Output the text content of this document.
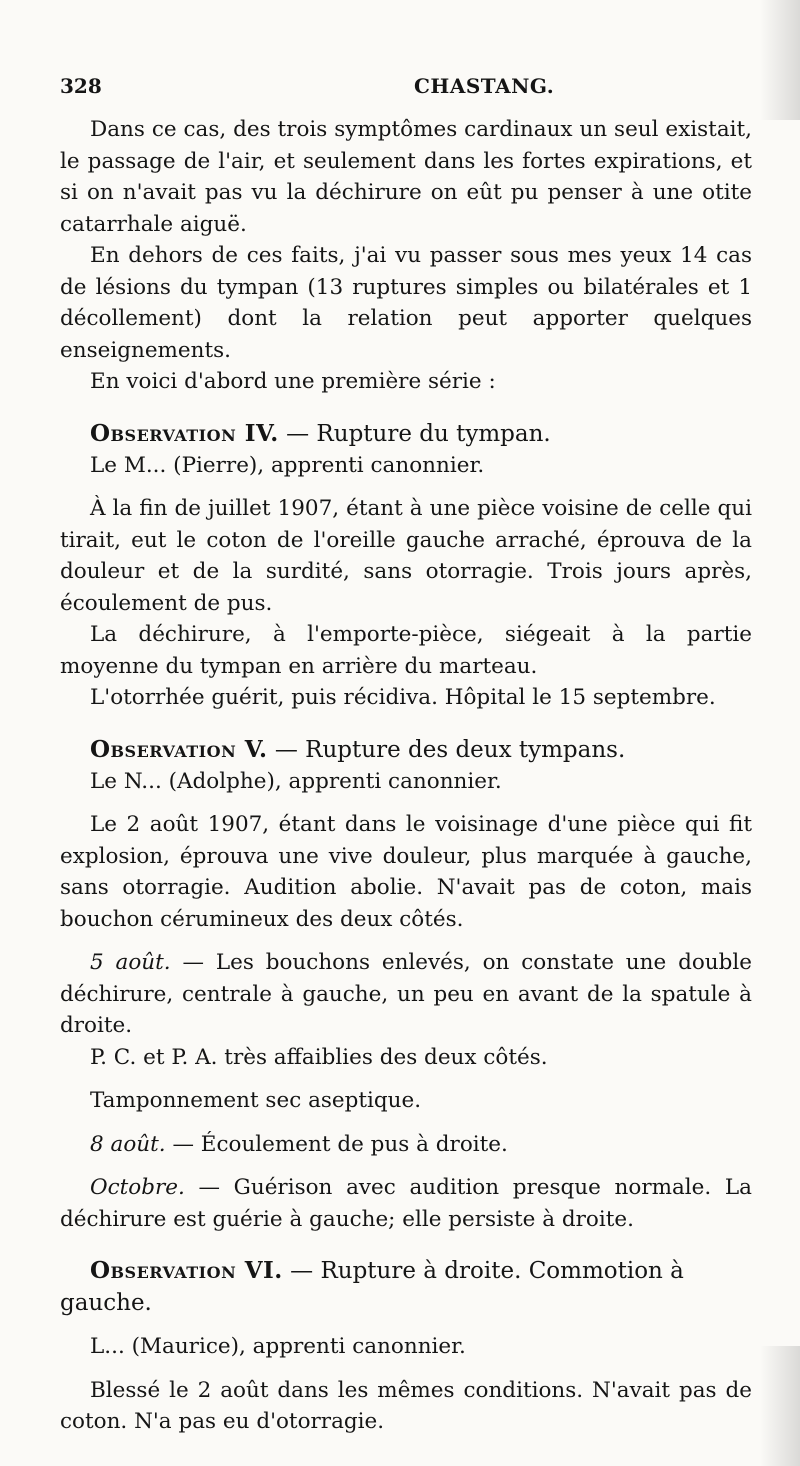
328	CHASTANG.

Dans ce cas, des trois symptômes cardinaux un seul existait, le passage de l'air, et seulement dans les fortes expirations, et si on n'avait pas vu la déchirure on eût pu penser à une otite catarrhale aiguë.

En dehors de ces faits, j'ai vu passer sous mes yeux 14 cas de lésions du tympan (13 ruptures simples ou bilatérales et 1 décollement) dont la relation peut apporter quelques enseignements.

En voici d'abord une première série :

Observation IV. — Rupture du tympan.

Le M... (Pierre), apprenti canonnier.

À la fin de juillet 1907, étant à une pièce voisine de celle qui tirait, eut le coton de l'oreille gauche arraché, éprouva de la douleur et de la surdité, sans otorragie. Trois jours après, écoulement de pus.

La déchirure, à l'emporte-pièce, siégeait à la partie moyenne du tympan en arrière du marteau.

L'otorrhée guérit, puis récidiva. Hôpital le 15 septembre.

Observation V. — Rupture des deux tympans.

Le N... (Adolphe), apprenti canonnier.

Le 2 août 1907, étant dans le voisinage d'une pièce qui fit explosion, éprouva une vive douleur, plus marquée à gauche, sans otorragie. Audition abolie. N'avait pas de coton, mais bouchon cérumineux des deux côtés.

5 août. — Les bouchons enlevés, on constate une double déchirure, centrale à gauche, un peu en avant de la spatule à droite.

P. C. et P. A. très affaiblies des deux côtés.

Tamponnement sec aseptique.

8 août. — Écoulement de pus à droite.

Octobre. — Guérison avec audition presque normale. La déchirure est guérie à gauche; elle persiste à droite.

Observation VI. — Rupture à droite. Commotion à gauche.

L... (Maurice), apprenti canonnier.

Blessé le 2 août dans les mêmes conditions. N'avait pas de coton. N'a pas eu d'otorragie.
